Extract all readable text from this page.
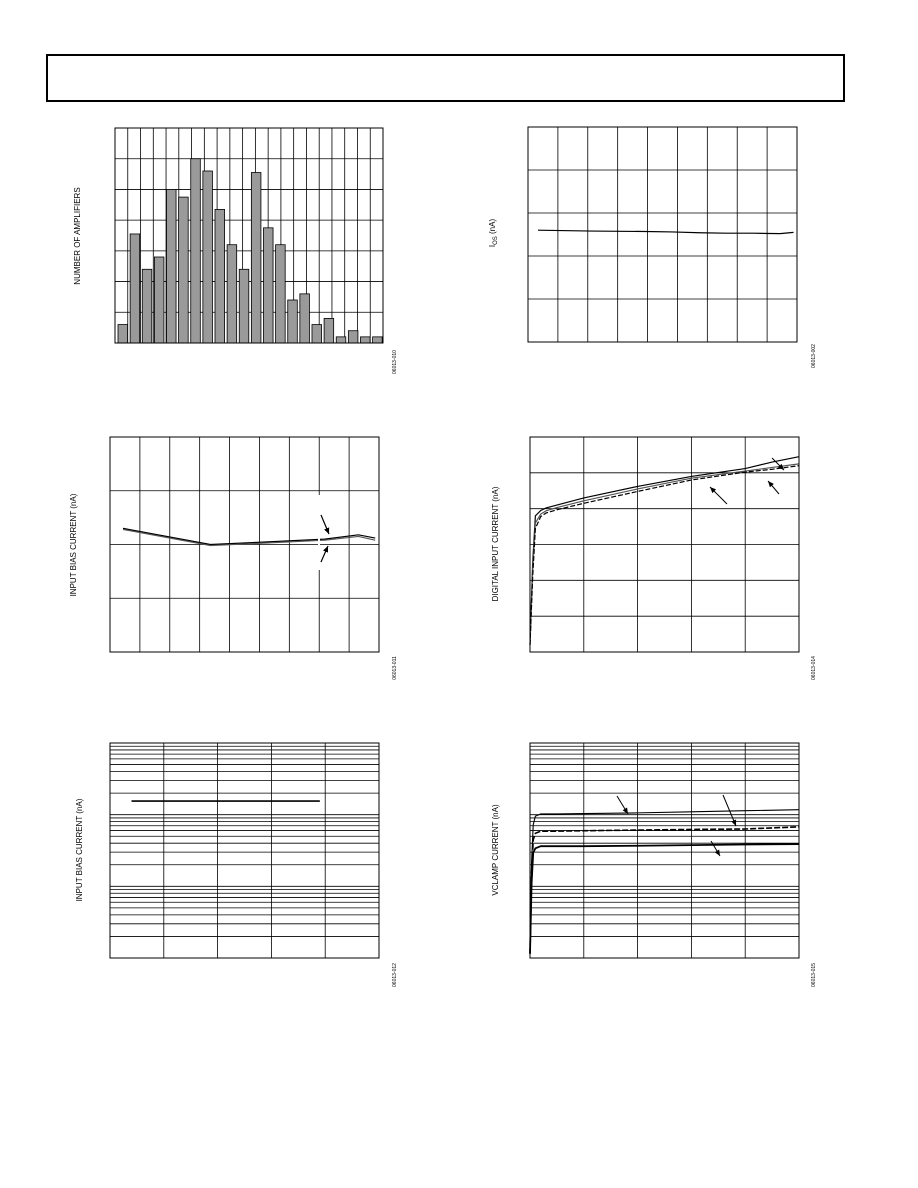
NUMBER OF AMPLIFIERS
06013-010
$I_{OS}$ (nA)
06013-002
INPUT BIAS CURRENT (nA)
06013-011
DIGITAL INPUT CURRENT (nA)
06013-014
INPUT BIAS CURRENT (nA)
06013-012
VCLAMP CURRENT (nA)
06013-015
